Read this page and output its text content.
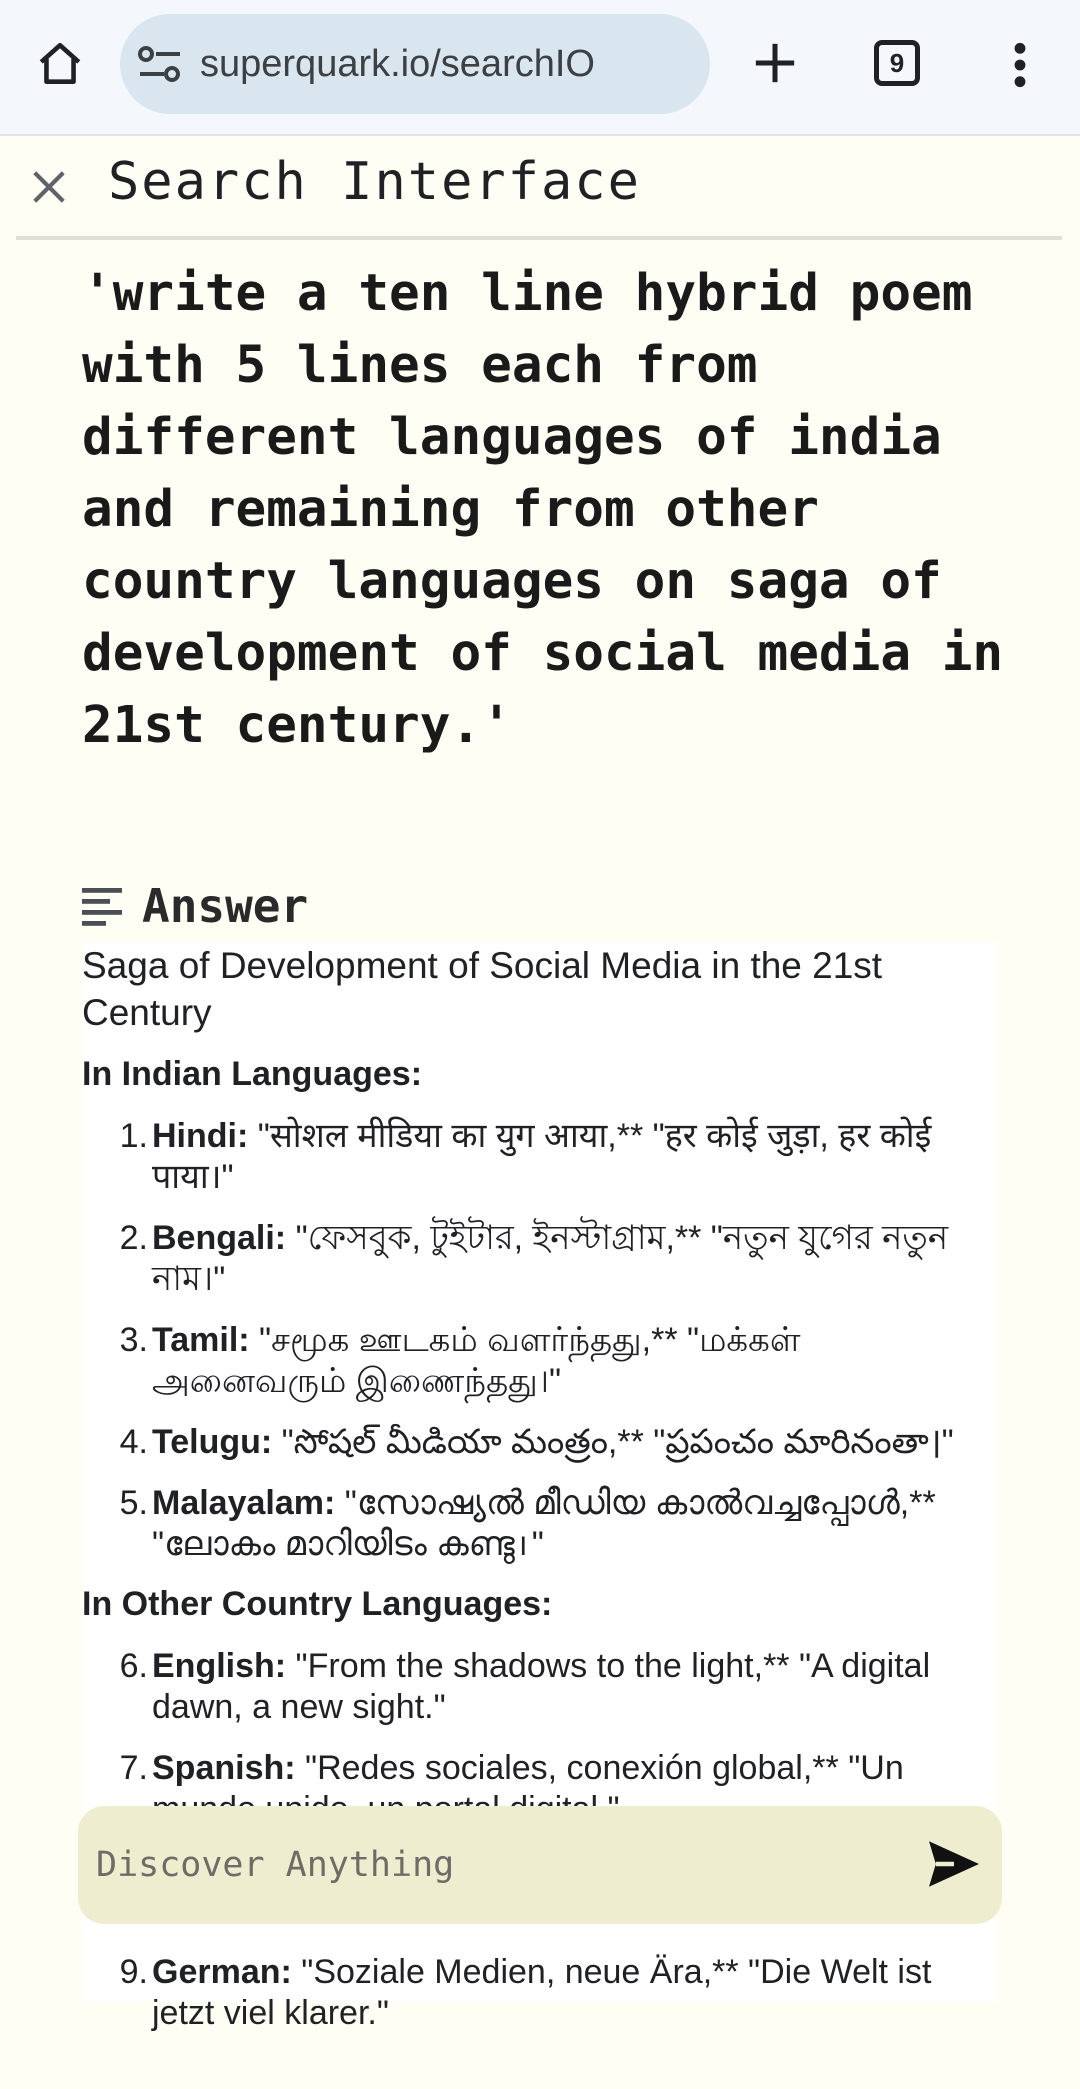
superquark.io/searchIO	9
Search Interface

'write a ten line hybrid poem with 5 lines each from different languages of india and remaining from other country languages on saga of development of social media in 21st century.'

Answer
Saga of Development of Social Media in the 21st Century
In Indian Languages:
1. Hindi: "सोशल मीडिया का युग आया,** "हर कोई जुड़ा, हर कोई पाया।"
2. Bengali: "ফেসবুক, টুইটার, ইনস্টাগ্রাম,** "নতুন যুগের নতুন নাম।"
3. Tamil: "சமூக ஊடகம் வளர்ந்தது,** "மக்கள் அனைவரும் இணைந்தது।"
4. Telugu: "సోషల్ మీడియా మంత్రం,** "ప్రపంచం మారినంతా।"
5. Malayalam: "സോഷ്യൽ മീഡിയ കാൽവച്ചപ്പോൾ,** "ലോകം മാറിയിടം കണ്ടു।"
In Other Country Languages:
6. English: "From the shadows to the light,** "A digital dawn, a new sight."
7. Spanish: "Redes sociales, conexión global,** "Un
9. German: "Soziale Medien, neue Ära,** "Die Welt ist jetzt viel klarer."
Discover Anything
